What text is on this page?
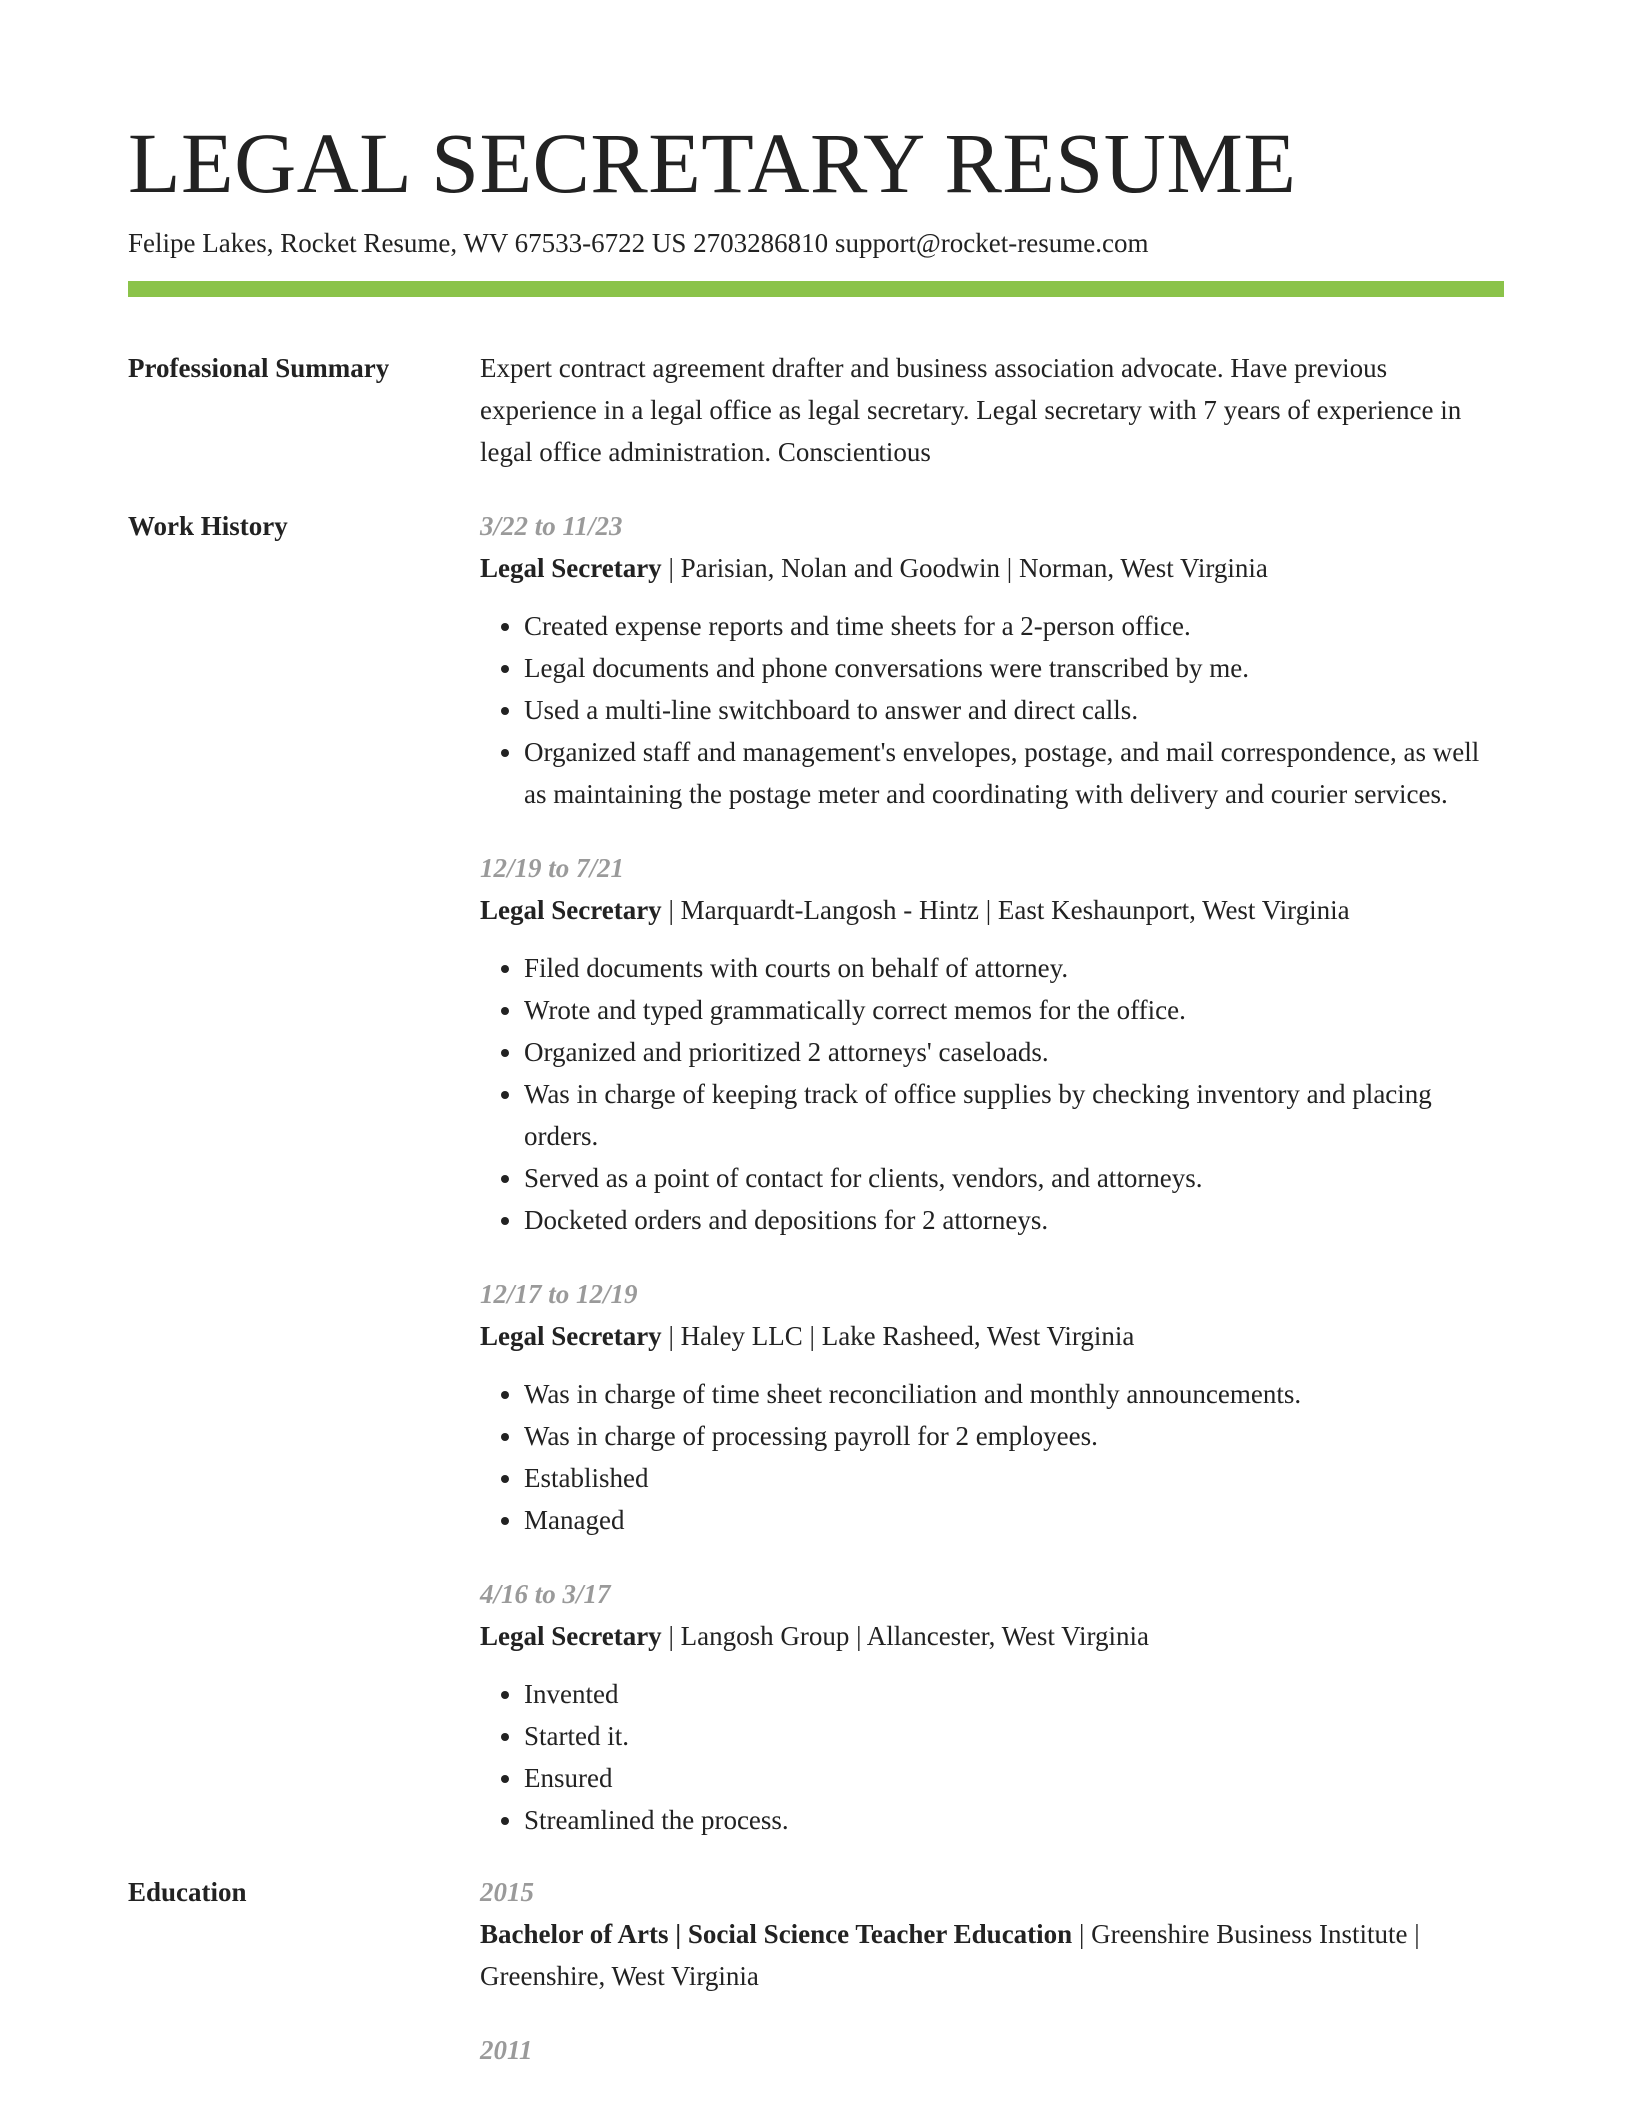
LEGAL SECRETARY RESUME
Felipe Lakes, Rocket Resume, WV 67533-6722 US 2703286810 support@rocket-resume.com
Professional Summary	Expert contract agreement drafter and business association advocate. Have previous experience in a legal office as legal secretary. Legal secretary with 7 years of experience in legal office administration. Conscientious
Work History	3/22 to 11/23
Legal Secretary | Parisian, Nolan and Goodwin | Norman, West Virginia
• Created expense reports and time sheets for a 2-person office.
• Legal documents and phone conversations were transcribed by me.
• Used a multi-line switchboard to answer and direct calls.
• Organized staff and management's envelopes, postage, and mail correspondence, as well as maintaining the postage meter and coordinating with delivery and courier services.
12/19 to 7/21
Legal Secretary | Marquardt-Langosh - Hintz | East Keshaunport, West Virginia
• Filed documents with courts on behalf of attorney.
• Wrote and typed grammatically correct memos for the office.
• Organized and prioritized 2 attorneys' caseloads.
• Was in charge of keeping track of office supplies by checking inventory and placing orders.
• Served as a point of contact for clients, vendors, and attorneys.
• Docketed orders and depositions for 2 attorneys.
12/17 to 12/19
Legal Secretary | Haley LLC | Lake Rasheed, West Virginia
• Was in charge of time sheet reconciliation and monthly announcements.
• Was in charge of processing payroll for 2 employees.
• Established
• Managed
4/16 to 3/17
Legal Secretary | Langosh Group | Allancester, West Virginia
• Invented
• Started it.
• Ensured
• Streamlined the process.
Education	2015
Bachelor of Arts | Social Science Teacher Education | Greenshire Business Institute | Greenshire, West Virginia
2011
